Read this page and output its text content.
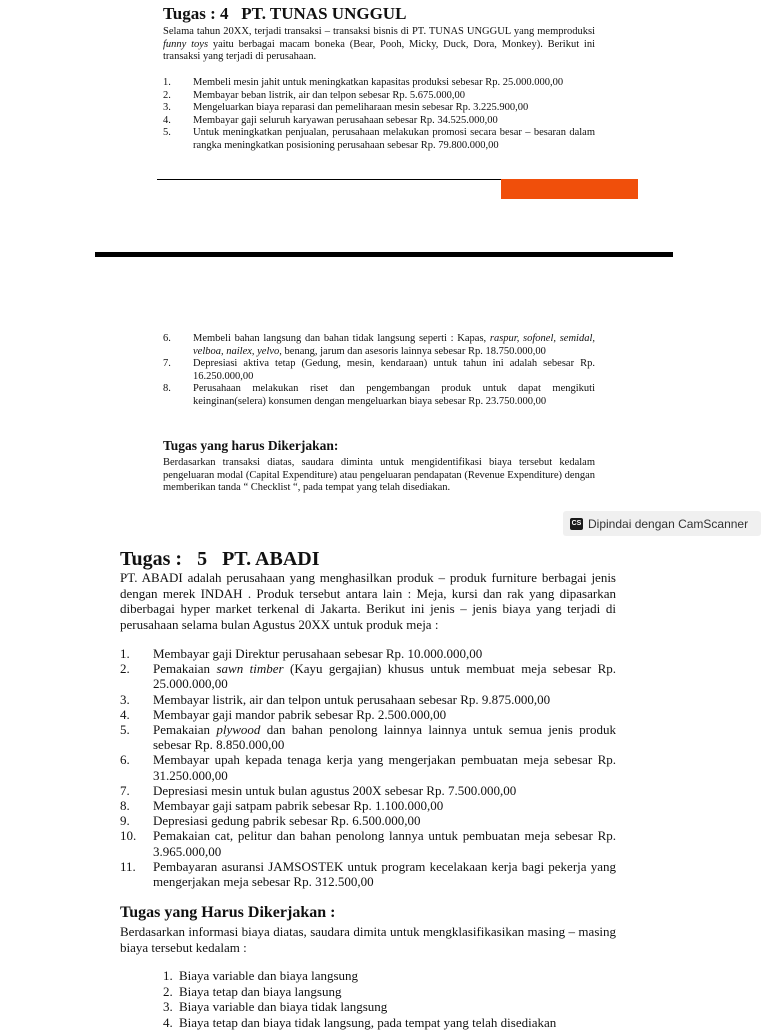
Tugas : 4   PT. TUNAS UNGGUL
Selama tahun 20XX, terjadi transaksi – transaksi bisnis di PT. TUNAS UNGGUL yang memproduksi funny toys yaitu berbagai macam boneka (Bear, Pooh, Micky, Duck, Dora, Monkey). Berikut ini transaksi yang terjadi di perusahaan.
1.	Membeli mesin jahit untuk meningkatkan kapasitas produksi sebesar Rp. 25.000.000,00
2.	Membayar beban listrik, air dan telpon sebesar Rp. 5.675.000,00
3.	Mengeluarkan biaya reparasi dan pemeliharaan mesin sebesar Rp. 3.225.900,00
4.	Membayar gaji seluruh karyawan perusahaan sebesar Rp. 34.525.000,00
5.	Untuk meningkatkan penjualan, perusahaan melakukan promosi secara besar – besaran dalam rangka meningkatkan posisioning perusahaan sebesar Rp. 79.800.000,00
6.	Membeli bahan langsung dan bahan tidak langsung seperti : Kapas, raspur, sofonel, semidal, velboa, nailex, yelvo, benang, jarum dan asesoris lainnya sebesar Rp. 18.750.000,00
7.	Depresiasi aktiva tetap (Gedung, mesin, kendaraan) untuk tahun ini adalah sebesar Rp. 16.250.000,00
8.	Perusahaan melakukan riset dan pengembangan produk untuk dapat mengikuti keinginan(selera) konsumen dengan mengeluarkan biaya sebesar Rp. 23.750.000,00
Tugas yang harus Dikerjakan:
Berdasarkan transaksi diatas, saudara diminta untuk mengidentifikasi biaya tersebut kedalam pengeluaran modal (Capital Expenditure) atau pengeluaran pendapatan (Revenue Expenditure) dengan memberikan tanda “ Checklist “, pada tempat yang telah disediakan.
CS Dipindai dengan CamScanner
Tugas :   5   PT. ABADI
PT. ABADI adalah perusahaan yang menghasilkan produk – produk furniture berbagai jenis dengan merek INDAH . Produk tersebut antara lain : Meja, kursi dan rak yang dipasarkan diberbagai hyper market terkenal di Jakarta. Berikut ini jenis – jenis biaya yang terjadi di perusahaan selama bulan Agustus 20XX untuk produk meja :
1.	Membayar gaji Direktur perusahaan sebesar Rp. 10.000.000,00
2.	Pemakaian sawn timber (Kayu gergajian) khusus untuk membuat meja sebesar Rp. 25.000.000,00
3.	Membayar listrik, air dan telpon untuk perusahaan sebesar Rp. 9.875.000,00
4.	Membayar gaji mandor pabrik sebesar Rp. 2.500.000,00
5.	Pemakaian plywood dan bahan penolong lainnya lainnya untuk semua jenis produk sebesar Rp. 8.850.000,00
6.	Membayar upah kepada tenaga kerja yang mengerjakan pembuatan meja sebesar Rp. 31.250.000,00
7.	Depresiasi mesin untuk bulan agustus 200X sebesar Rp. 7.500.000,00
8.	Membayar gaji satpam pabrik sebesar Rp. 1.100.000,00
9.	Depresiasi gedung pabrik sebesar Rp. 6.500.000,00
10.	Pemakaian cat, pelitur dan bahan penolong lannya untuk pembuatan meja sebesar Rp. 3.965.000,00
11.	Pembayaran asuransi JAMSOSTEK untuk program kecelakaan kerja bagi pekerja yang mengerjakan meja sebesar Rp. 312.500,00
Tugas yang Harus Dikerjakan :
Berdasarkan informasi biaya diatas, saudara dimita untuk mengklasifikasikan masing – masing biaya tersebut kedalam :
1. Biaya variable dan biaya langsung
2. Biaya tetap dan biaya langsung
3. Biaya variable dan biaya tidak langsung
4. Biaya tetap dan biaya tidak langsung, pada tempat yang telah disediakan
